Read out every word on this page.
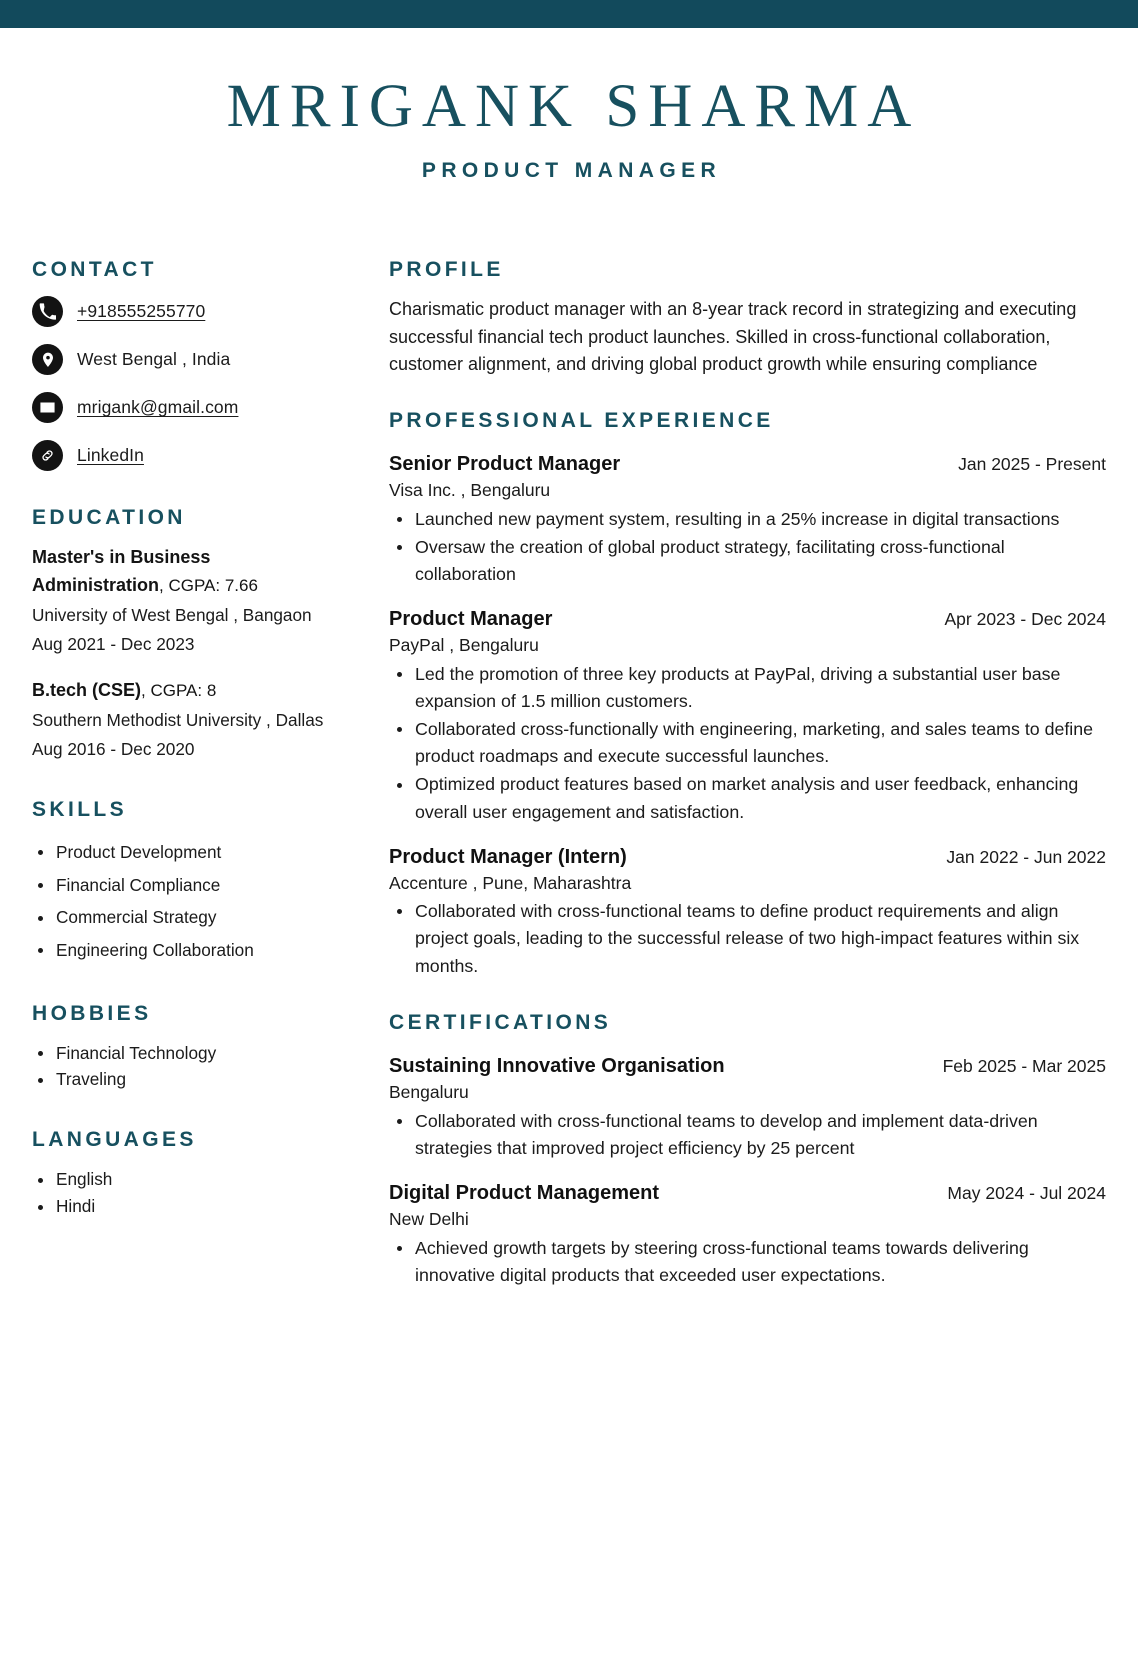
MRIGANK SHARMA
PRODUCT MANAGER
CONTACT
+918555255770
West Bengal , India
mrigank@gmail.com
LinkedIn
EDUCATION
Master's in Business Administration, CGPA: 7.66
University of West Bengal , Bangaon
Aug 2021 - Dec 2023
B.tech (CSE), CGPA: 8
Southern Methodist University , Dallas
Aug 2016 - Dec 2020
SKILLS
Product Development
Financial Compliance
Commercial Strategy
Engineering Collaboration
HOBBIES
Financial Technology
Traveling
LANGUAGES
English
Hindi
PROFILE
Charismatic product manager with an 8-year track record in strategizing and executing successful financial tech product launches. Skilled in cross-functional collaboration, customer alignment, and driving global product growth while ensuring compliance
PROFESSIONAL EXPERIENCE
Senior Product Manager	Jan 2025 - Present
Visa Inc. , Bengaluru
Launched new payment system, resulting in a 25% increase in digital transactions
Oversaw the creation of global product strategy, facilitating cross-functional collaboration
Product Manager	Apr 2023 - Dec 2024
PayPal , Bengaluru
Led the promotion of three key products at PayPal, driving a substantial user base expansion of 1.5 million customers.
Collaborated cross-functionally with engineering, marketing, and sales teams to define product roadmaps and execute successful launches.
Optimized product features based on market analysis and user feedback, enhancing overall user engagement and satisfaction.
Product Manager (Intern)	Jan 2022 - Jun 2022
Accenture , Pune, Maharashtra
Collaborated with cross-functional teams to define product requirements and align project goals, leading to the successful release of two high-impact features within six months.
CERTIFICATIONS
Sustaining Innovative Organisation	Feb 2025 - Mar 2025
Bengaluru
Collaborated with cross-functional teams to develop and implement data-driven strategies that improved project efficiency by 25 percent
Digital Product Management	May 2024 - Jul 2024
New Delhi
Achieved growth targets by steering cross-functional teams towards delivering innovative digital products that exceeded user expectations.
